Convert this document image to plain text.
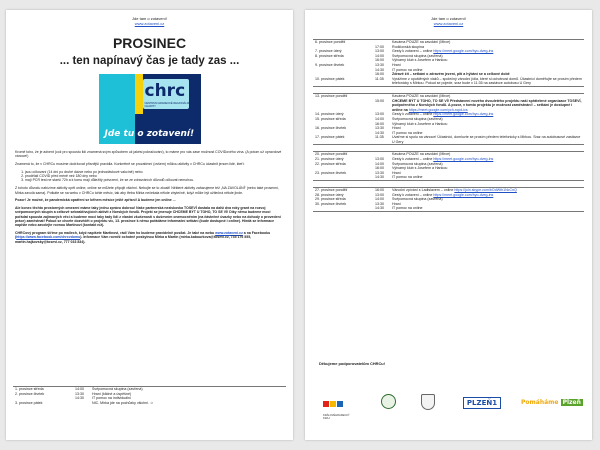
Jde tam o zotavení!
www.zotaveni.cz
PROSINEC
... ten napínavý čas je tady zas ...
chrc
CENTRUM HRADECKÉ REGIONÁLNÍ CHARITY
Jde tu o zotavení!

Kromě toho, že je advent (což pro spoustu lidí znamená svým způsobem už jakési pokračování), to máme pro vás zase možnost COVIDového vína. (A potom už opravdové vánoce!)

Znamená to, že v CHRCu musíme dodržovat přísnější pravidla. Konkrétně se prozatímní (ovšem) můžou aktivity v CHRCu účastnit jenom lidé, kteří:

1. jsou očkovaní (14 dní po druhé dávce nebo po jednodávkové vakcíně) nebo
2. prodělali COVID před méně než 180 dny nebo
3. mají PCR test ne starší 72h a k tomu mají důležitý potvrzení, že se ze zdravotních důvodů očkovat nemohou.

Z tohoto důvodu nabízíme aktivity opět online, online se můžete připojit všichni. Nebojte se to zkusit! Některé aktivity zařazujeme též „NA ZAVOLÁNÍ“ (nebo také prosenní, Mirka zavolá sama). Potkáte se na webu v CHRCu tohle měsíc, tak aby třeba Mirka nečekala někde zbytečně, když může být užitečná někde jinde.

Pozor! Je možné, že pandemická opatření se během měsíce ještě zpřísní! A budeme jen online ...

Ale konec těchto prostorných omezení máme taky jednu zprávu dobrou! Naše partnerská neziskovka TOSEVÍ dostala na další dva roky grant na rozvoj svépomocných skupin a celkově sebeaktivujících aktivit z Norských fondů. Projekt se jmenuje CHCEME BÝT U TOHO, TO SE VÍ! Díky němu budeme moci pořádat spousta zajímavých věcí a budeme moci taky tady lidi z vlastní zkušeností s duševním onemocněním (na částečné úvazky nebo na dohody o provedení práce) zaměstnat! Pokud se chcete dozvědět o projektu víc, 13. prosince k němu pořádáme informační setkání (bude dostupné i online). Hledá se informace napište nebo zavolejte rovnou Martinovi (kontakt níž).

CHRCový program šíříme po mailech, když napíšete Martinovi, rádi Vám ho budeme pravidelně posílat. Je také na webu www.zotaveni.cz a na Facebooku (https://www.facebook.com/chrcvdomu). Informace Vám rovněž ochotně poskytnou Mirka a Martin (mirka.kabourkova@tosevi.cz, 735 176 555, martin.hajkovsky@tosevi.cz, 777 033 834).

1. prosince středa	14:00	Svépomocná skupina (zavřená)
2. prosince čtvrtek	13:30	Hraní (klidné a úspěšné)
	14:30	IT pomoc na individuální
3. prosince pátek		NIC. Mirka jde na pochůzky všichni. ☺
Jde tam o zotavení!
www.zotaveni.cz
6. prosince pondělí		Kavárna POUZE na zavolání (Mirce)
	17:00	Rodičovská skupina
7. prosince úterý	13:00	Gesty k zotavení – online https://meet.google.com/hyo-dveg-ins
8. prosince středa	14:00	Svépomocná skupina (zavřená)
	16:00	Výtvarný klub s Josefem a Hankou
9. prosince čtvrtek	13:30	Hraní
	14:30	IT pomoc na online
	16:00	Zdravě žít – setkání o zdravém jezení, pití a hýbání se a celkové době
10. prosince pátek	11:35	Vyrážíme z opuštěných vlaků – společný vánoční jídla, které si ochotnost domů. Účastníci doměřujte se prosím předem telefonicky s Mirkou. Pokud se pojede, sraz bude v 11:35 na zastávce autobusu U Gery

13. prosince pondělí		Kavárna POUZE na zavolání (Mirce)
	15:00	CHCEME BÝT U TOHO, TO SE VÍ! Představení nového dvouletého projektu naší spřátelené organizace TOSEVÍ, podpořeného z Norských fondů. A pozor, v tomto projektu je možnost zaměstnání! – setkání je dostupné i online na https://meet.google.com/ych-ropd-ics
14. prosince úterý	13:00	Gesty k zotavení – online https://meet.google.com/hyo-dveg-ins
15. prosince středa	14:00	Svépomocná skupina (zavřená)
	16:00	Výtvarný klub s Josefem a Hankou
16. prosince čtvrtek	13:30	Hraní
	14:30	IT pomoc na online
17. prosince pátek	11:35	Uvařme si spolu na vánoce! Účastníci, domluvte se prosím předem telefonicky s Mirkou. Sraz na autobusové zastávce U Gery

20. prosince pondělí		Kavárna POUZE na zavolání (Mirce)
21. prosince úterý	13:00	Gesty k zotavení – online https://meet.google.com/hyo-dveg-ins
22. prosince středa	14:00	Svépomocná skupina (zavřená)
	16:00	Výtvarný klub s Josefem a Hankou
23. prosince čtvrtek	13:30	Hraní
	14:30	IT pomoc na online

27. prosince pondělí	16:00	Vánoční zpívání s Ladislavem – online https://join.skype.com/bOdWth1NcCnQ
28. prosince úterý	13:00	Gesty k zotavení – online https://meet.google.com/hyo-dveg-ins
29. prosince středa	14:00	Svépomocná skupina (zavřená)
30. prosince čtvrtek	13:30	Hraní
	14:30	IT pomoc na online
Děkujeme podporovatelům CHRCu!
KRÁLOVÉHRADECKÝ KRAJ
PLZEŇ1	Pomáháme Plzeň
